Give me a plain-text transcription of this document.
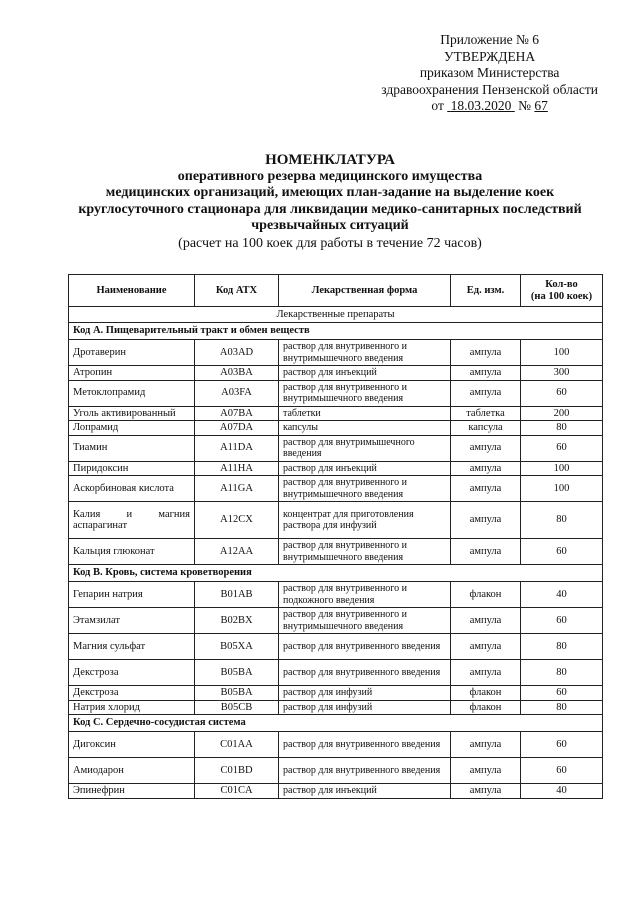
Приложение № 6
УТВЕРЖДЕНА
приказом Министерства
здравоохранения Пензенской области
от 18.03.2020 № 67
НОМЕНКЛАТУРА
оперативного резерва медицинского имущества
медицинских организаций, имеющих план-задание на выделение коек
круглосуточного стационара для ликвидации медико-санитарных последствий
чрезвычайных ситуаций
(расчет на 100 коек для работы в течение 72 часов)
Наименование	Код АТХ	Лекарственная форма	Ед. изм.	Кол-во
(на 100 коек)

Лекарственные препараты				
Код А. Пищеварительный тракт и обмен веществ				
Дротаверин	A03AD	раствор для внутривенного и внутримышечного введения	ампула	100
Атропин	A03BA	раствор для инъекций	ампула	300
Метоклопрамид	A03FA	раствор для внутривенного и внутримышечного введения	ампула	60
Уголь активированный	A07BA	таблетки	таблетка	200
Лопрамид	A07DA	капсулы	капсула	80
Тиамин	A11DA	раствор для внутримышечного введения	ампула	60
Пиридоксин	A11HA	раствор для инъекций	ампула	100
Аскорбиновая кислота	A11GA	раствор для внутривенного и внутримышечного введения	ампула	100

Калия и магния аспарагинат	A12CX	концентрат для приготовления раствора для инфузий	ампула	80
Кальция глюконат	A12AA	раствор для внутривенного и внутримышечного введения	ампула	60
Код В. Кровь, система кроветворения				
Гепарин натрия	B01AB	раствор для внутривенного и подкожного введения	флакон	40
Этамзилат	B02BX	раствор для внутривенного и внутримышечного введения	ампула	60
Магния сульфат	B05XA	раствор для внутривенного введения	ампула	80
Декстроза	B05BA	раствор для внутривенного введения	ампула	80
Декстроза	B05BA	раствор для инфузий	флакон	60
Натрия хлорид	B05CB	раствор для инфузий	флакон	80
Код С. Сердечно-сосудистая система				
Дигоксин	C01AA	раствор для внутривенного введения	ампула	60
Амиодарон	C01BD	раствор для внутривенного введения	ампула	60
Эпинефрин	C01CA	раствор для инъекций	ампула	40
